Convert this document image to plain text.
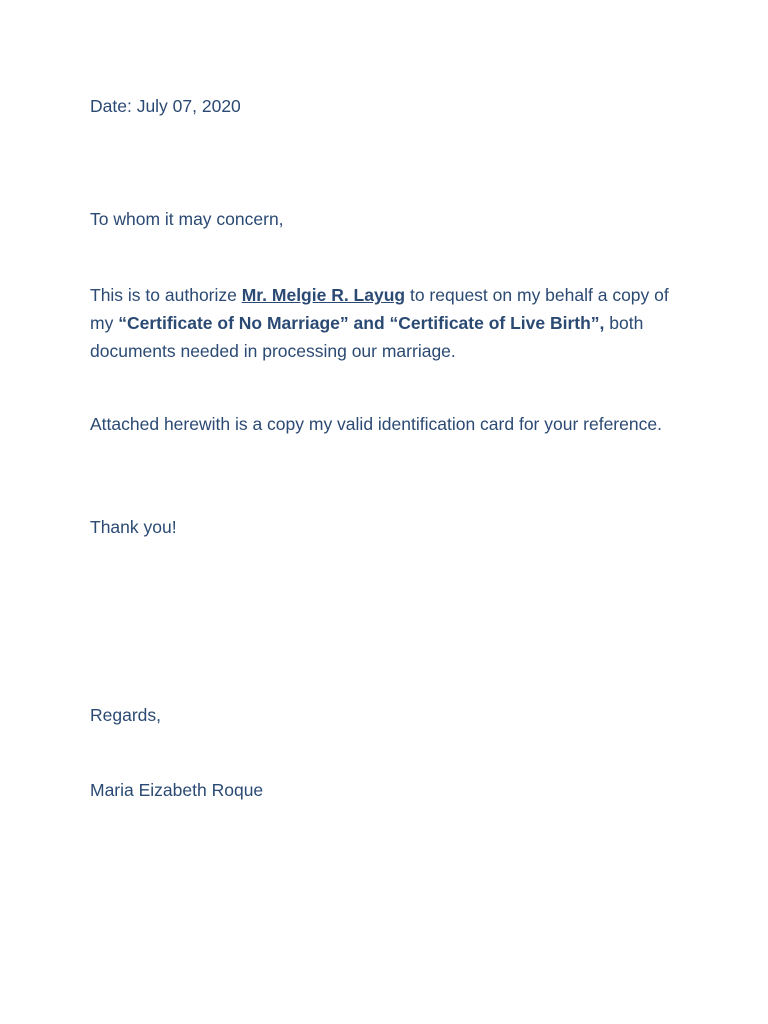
Date: July 07, 2020

To whom it may concern,

This is to authorize Mr. Melgie R. Layug to request on my behalf a copy of my “Certificate of No Marriage” and “Certificate of Live Birth”, both documents needed in processing our marriage.

Attached herewith is a copy my valid identification card for your reference.

Thank you!

Regards,

Maria Eizabeth Roque
